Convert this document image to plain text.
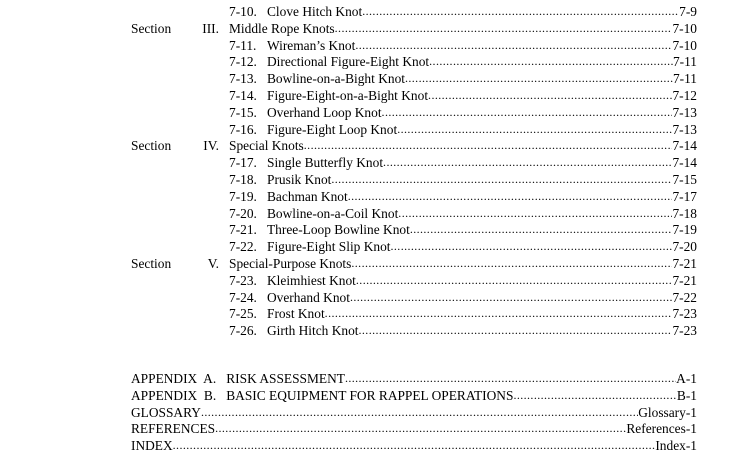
7-10. Clove Hitch Knot .....	7-9
Section	III. Middle Rope Knots .....	7-10
7-11. Wireman’s Knot .....	7-10
7-12. Directional Figure-Eight Knot .....	7-11
7-13. Bowline-on-a-Bight Knot .....	7-11
7-14. Figure-Eight-on-a-Bight Knot .....	7-12
7-15. Overhand Loop Knot .....	7-13
7-16. Figure-Eight Loop Knot .....	7-13
Section	IV. Special Knots .....	7-14
7-17. Single Butterfly Knot .....	7-14
7-18. Prusik Knot .....	7-15
7-19. Bachman Knot .....	7-17
7-20. Bowline-on-a-Coil Knot .....	7-18
7-21. Three-Loop Bowline Knot .....	7-19
7-22. Figure-Eight Slip Knot .....	7-20
Section	V. Special-Purpose Knots .....	7-21
7-23. Kleimhiest Knot .....	7-21
7-24. Overhand Knot .....	7-22
7-25. Frost Knot .....	7-23
7-26. Girth Hitch Knot .....	7-23
APPENDIX  A.   RISK ASSESSMENT .....	A-1
APPENDIX  B.   BASIC EQUIPMENT FOR RAPPEL OPERATIONS .....	B-1
GLOSSARY .....	Glossary-1
REFERENCES .....	References-1
INDEX .....	Index-1
